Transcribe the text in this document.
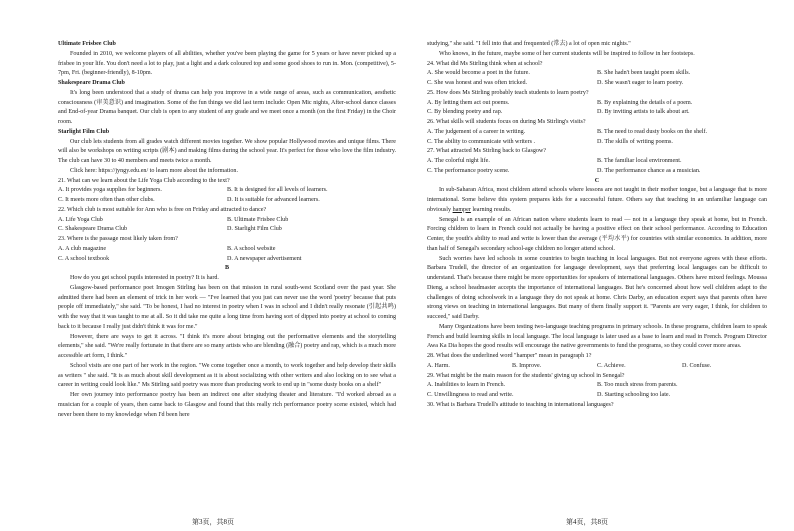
Ultimate Frisbee Club

Founded in 2010, we welcome players of all abilities, whether you've been playing the game for 5 years or have never picked up a frisbee in your life. You don't need a lot to play, just a light and a dark coloured top and some good shoes to run in. Mon. (competitive), 5-7pm, Fri. (beginner-friendly), 8-10pm.

Shakespeare Drama Club

It's long been understood that a study of drama can help you improve in a wide range of areas, such as communication, aesthetic consciousness (审美意识) and imagination. Some of the fun things we did last term include: Open Mic nights, After-school dance classes and End-of-year Drama banquet. Our club is open to any student of any grade and we meet once a month (on the first Friday) in the Choir room.

Starlight Film Club

Our club lets students from all grades watch different movies together. We show popular Hollywood movies and unique films. There will also be workshops on writing scripts (剧本) and making films during the school year. It's perfect for those who love the film industry. The club can have 30 to 40 members and meets twice a month.

Click here: https://jyngy.edu.en/ to learn more about the information.

21. What can we learn about the Life Yoga Club according to the text?

A. It provides yoga supplies for beginners.	B. It is designed for all levels of learners.
C. It meets more often than other clubs.	D. It is suitable for advanced learners.

22. Which club is most suitable for Ann who is free on Friday and attracted to dance?

A. Life Yoga Club	B. Ultimate Frisbee Club
C. Shakespeare Drama Club	D. Starlight Film Club

23. Where is the passage most likely taken from?

A. A club magazine	B. A school website
C. A school textbook	D. A newspaper advertisement

B

How do you get school pupils interested in poetry? It is hard.

Glasgow-based performance poet Imogen Stirling has been on that mission in rural south-west Scotland over the past year. She admitted there had been an element of trick in her work — "I've learned that you just can never use the word 'poetry' because that puts people off immediately," she said. "To be honest, I had no interest in poetry when I was in school and I didn't really resonate (引起共鸣) with the way that it was taught to me at all. So it did take me quite a long time from having sort of dipped into poetry at school to coming back to it because I really just didn't think it was for me."

However, there are ways to get it across. "I think it's more about bringing out the performative elements and the storytelling elements," she said. "We're really fortunate in that there are so many artists who are blending (融合) poetry and rap, which is a much more accessible art form, I think."

School visits are one part of her work in the region. "We come together once a month, to work together and help develop their skills as writers " she said. "It is as much about skill development as it is about socializing with other writers and also locking on to see what a career in writing could look like." Ms Stirling said poetry was more than producing work to end up in "some dusty books on a shelf"

Her own journey into performance poetry has been an indirect one after studying theater and literature. "I'd worked abroad as a musician for a couple of years, then came back to Glasgow and found that this really rich performance poetry scene existed, which had never been there to my knowledge when I'd been here

第3页，共8页

studying," she said. "I fell into that and frequented (常去) a lot of open mic nights."

Who knows, in the future, maybe some of her current students will be inspired to follow in her footsteps.

24. What did Ms Stirling think when at school?

A. She would become a poet in the future.	B. She hadn't been taught poem skills.
C. She was honest and was often tricked.	D. She wasn't eager to learn poetry.

25. How does Ms Stirling probably teach students to learn poetry?

A. By letting them act out poems.	B. By explaining the details of a poem.
C. By blending poetry and rap.	D. By inviting artists to talk about art.

26. What skills will students focus on during Ms Stirling's visits?

A. The judgement of a career in writing.	B. The need to read dusty books on the shelf.
C. The ability to communicate with writers .	D. The skills of writing poems.

27. What attracted Ms Stirling back to Glasgow?

A. The colorful night life.	B. The familiar local environment.
C. The performance poetry scene.	D. The performance chance as a musician.

C

In sub-Saharan Africa, most children attend schools where lessons are not taught in their mother tongue, but a language that is more international. Some believe this system prepares kids for a successful future. Others say that teaching in an unfamiliar language can obviously hamper learning results.

Senegal is an example of an African nation where students learn to read — not in a language they speak at home, but in French. Forcing children to learn in French could not actually be having a positive effect on their school performance. According to Education Center, the youth's ability to read and write is lower than the average (平均水平) for countries with similar economics. In addition, more than half of Senegal's secondary school-age children no longer attend school.

Such worries have led schools in some countries to begin teaching in local languages. But not everyone agrees with these efforts. Barbara Trudell, the director of an organization for language development, says that preferring local languages can be difficult to understand. That's because there might be more opportunities for speakers of international languages. Others have mixed feelings. Moussa Dieng, a school headmaster accepts the importance of international languages. But he's concerned about how well children adapt to the challenges of doing schoolwork in a language they do not speak at home. Chris Darby, an education expert says that parents often have strong views on teaching in international languages. But many of them finally support it. "Parents are very eager, I think, for children to succeed," said Darby.

Many Organizations have been testing two-language teaching programs in primary schools. In these programs, children learn to speak French and build learning skills in local language. The local language is later used as a base to learn and read in French. Program Director Awa Ka Dia hopes the good results will encourage the native governments to fund the programs, so they could cover more areas.

28. What does the underlined word "hamper" mean in paragraph 1?

A. Harm.	B. Improve.	C. Achieve.	D. Confuse.

29. What might be the main reason for the students' giving up school in Senegal?

A. Inabilities to learn in French.	B. Too much stress from parents.
C. Unwillingness to read and write.	D. Starting schooling too late.

30. What is Barbara Trudell's attitude to teaching in international languages?

第4页，共8页
